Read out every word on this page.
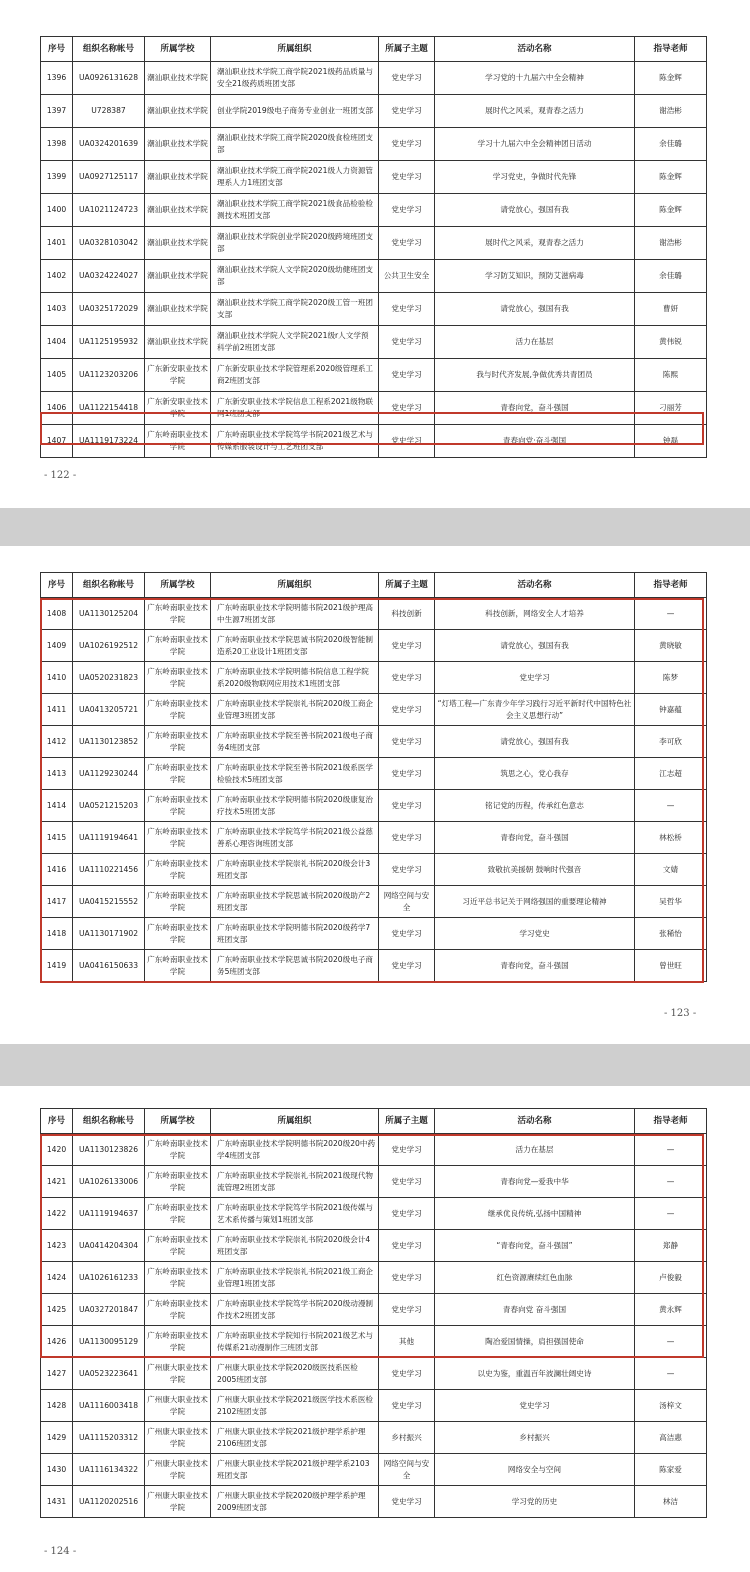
序号	组织名称帐号	所属学校	所属组织	所属子主题	活动名称	指导老师
1396	UA0926131628	潮汕职业技术学院	潮汕职业技术学院工商学院2021级药品质量与安全21级药质班团支部	党史学习	学习党的十九届六中全会精神	陈金辉
1397	U728387	潮汕职业技术学院	创业学院2019级电子商务专业创业一班团支部	党史学习	展时代之风采，观青春之活力	谢浩彬
1398	UA0324201639	潮汕职业技术学院	潮汕职业技术学院工商学院2020级食检班团支部	党史学习	学习十九届六中全会精神团日活动	余佳璐
1399	UA0927125117	潮汕职业技术学院	潮汕职业技术学院工商学院2021级人力资源管理系人力1班团支部	党史学习	学习党史，争做时代先锋	陈金辉
1400	UA1021124723	潮汕职业技术学院	潮汕职业技术学院工商学院2021级食品检验检测技术班团支部	党史学习	请党放心，强国有我	陈金辉
1401	UA0328103042	潮汕职业技术学院	潮汕职业技术学院创业学院2020级跨境班团支部	党史学习	展时代之风采，观青春之活力	谢浩彬
1402	UA0324224027	潮汕职业技术学院	潮汕职业技术学院人文学院2020级幼健班团支部	公共卫生安全	学习防艾知识，预防艾滋病毒	余佳璐
1403	UA0325172029	潮汕职业技术学院	潮汕职业技术学院工商学院2020级工管一班团支部	党史学习	请党放心，强国有我	曹妍
1404	UA1125195932	潮汕职业技术学院	潮汕职业技术学院人文学院2021级r人文学预科学前2班团支部	党史学习	活力在基层	黄伟锐
1405	UA1123203206	广东新安职业技术学院	广东新安职业技术学院管理系2020级管理系工商2班团支部	党史学习	我与时代齐发展,争做优秀共青团员	陈熙
1406	UA1122154418	广东新安职业技术学院	广东新安职业技术学院信息工程系2021级物联网1班团支部	党史学习	青春向党，奋斗强国	刁丽芳
1407	UA1119173224	广东岭南职业技术学院	广东岭南职业技术学院笃学书院2021级艺术与传媒系服装设计与工艺班团支部	党史学习	青春向党·奋斗强国	钟磊
- 122 -
序号	组织名称帐号	所属学校	所属组织	所属子主题	活动名称	指导老师
1408	UA1130125204	广东岭南职业技术学院	广东岭南职业技术学院明德书院2021级护理高中生源7班团支部	科技创新	科技创新，网络安全人才培养	—
1409	UA1026192512	广东岭南职业技术学院	广东岭南职业技术学院思诚书院2020级智能制造系20工业设计1班团支部	党史学习	请党放心，强国有我	黄晓敏
1410	UA0520231823	广东岭南职业技术学院	广东岭南职业技术学院明德书院信息工程学院系2020级物联网应用技术1班团支部	党史学习	党史学习	陈梦
1411	UA0413205721	广东岭南职业技术学院	广东岭南职业技术学院崇礼书院2020级工商企业管理3班团支部	党史学习	“灯塔工程—广东青少年学习践行习近平新时代中国特色社会主义思想行动”	钟嘉蕴
1412	UA1130123852	广东岭南职业技术学院	广东岭南职业技术学院至善书院2021级电子商务4班团支部	党史学习	请党放心，强国有我	李可欣
1413	UA1129230244	广东岭南职业技术学院	广东岭南职业技术学院至善书院2021级系医学检验技术5班团支部	党史学习	筑思之心，党心我存	江志超
1414	UA0521215203	广东岭南职业技术学院	广东岭南职业技术学院明德书院2020级康复治疗技术5班团支部	党史学习	铭记党的历程，传承红色意志	—
1415	UA1119194641	广东岭南职业技术学院	广东岭南职业技术学院笃学书院2021级公益慈善系心理咨询班团支部	党史学习	青春向党，奋斗强国	林松桥
1416	UA1110221456	广东岭南职业技术学院	广东岭南职业技术学院崇礼书院2020级会计3班团支部	党史学习	致敬抗美援朝 鼓响时代强音	文婧
1417	UA0415215552	广东岭南职业技术学院	广东岭南职业技术学院思诚书院2020级助产2班团支部	网络空间与安全	习近平总书记关于网络强国的重要理论精神	吴哲华
1418	UA1130171902	广东岭南职业技术学院	广东岭南职业技术学院明德书院2020级药学7班团支部	党史学习	学习党史	张稀怡
1419	UA0416150633	广东岭南职业技术学院	广东岭南职业技术学院思诚书院2020级电子商务5班团支部	党史学习	青春向党，奋斗强国	曾世旺
- 123 -
序号	组织名称帐号	所属学校	所属组织	所属子主题	活动名称	指导老师
1420	UA1130123826	广东岭南职业技术学院	广东岭南职业技术学院明德书院2020级20中药学4班团支部	党史学习	活力在基层	—
1421	UA1026133006	广东岭南职业技术学院	广东岭南职业技术学院崇礼书院2021级现代物流管理2班团支部	党史学习	青春向党—爱我中华	—
1422	UA1119194637	广东岭南职业技术学院	广东岭南职业技术学院笃学书院2021级传媒与艺术系传播与策划1班团支部	党史学习	继承优良传统,弘扬中国精神	—
1423	UA0414204304	广东岭南职业技术学院	广东岭南职业技术学院崇礼书院2020级会计4班团支部	党史学习	“青春向党，奋斗强国”	郑静
1424	UA1026161233	广东岭南职业技术学院	广东岭南职业技术学院崇礼书院2021级工商企业管理1班团支部	党史学习	红色资源赓续红色血脉	卢俊毅
1425	UA0327201847	广东岭南职业技术学院	广东岭南职业技术学院笃学书院2020级动漫制作技术2班团支部	党史学习	青春向党 奋斗强国	黄永辉
1426	UA1130095129	广东岭南职业技术学院	广东岭南职业技术学院知行书院2021级艺术与传媒系21动漫制作三班团支部	其他	陶冶爱国情操，肩担强国使命	—
1427	UA0523223641	广州康大职业技术学院	广州康大职业技术学院2020级医技系医检2005班团支部	党史学习	以史为鉴，重温百年波澜壮阔史诗	—
1428	UA1116003418	广州康大职业技术学院	广州康大职业技术学院2021级医学技术系医检2102班团支部	党史学习	党史学习	汤梓文
1429	UA1115203312	广州康大职业技术学院	广州康大职业技术学院2021级护理学系护理2106班团支部	乡村振兴	乡村振兴	高洁惠
1430	UA1116134322	广州康大职业技术学院	广州康大职业技术学院2021级护理学系2103班团支部	网络空间与安全	网络安全与空间	陈家爱
1431	UA1120202516	广州康大职业技术学院	广州康大职业技术学院2020级护理学系护理2009班团支部	党史学习	学习党的历史	林洁
- 124 -
